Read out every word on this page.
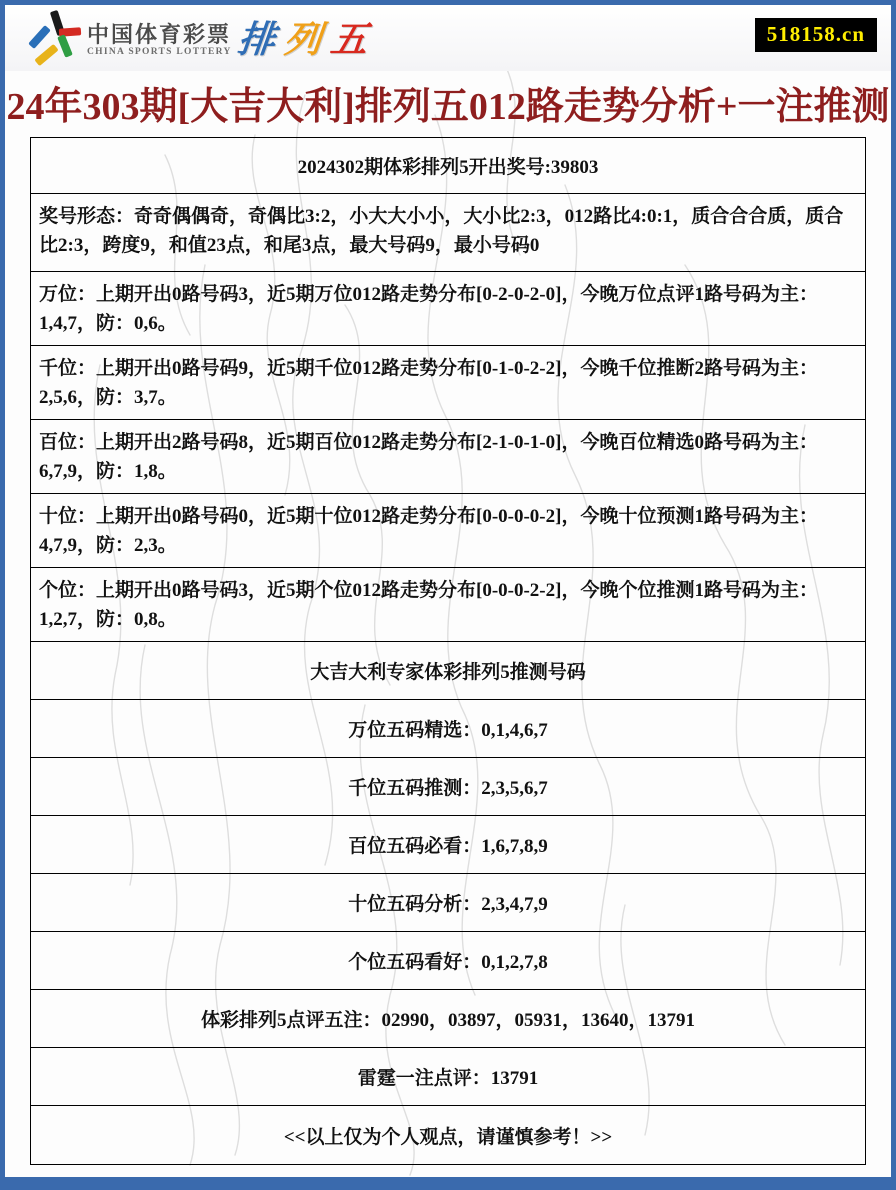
中国体育彩票
CHINA SPORTS LOTTERY 排 列 五	518158.cn
24年303期[大吉大利]排列五012路走势分析+一注推测
2024302期体彩排列5开出奖号:39803
奖号形态：奇奇偶偶奇，奇偶比3:2，小大大小小，大小比2:3，012路比4:0:1，质合合合质，质合比2:3，跨度9，和值23点，和尾3点，最大号码9，最小号码0
万位：上期开出0路号码3，近5期万位012路走势分布[0-2-0-2-0]，今晚万位点评1路号码为主：1,4,7，防：0,6。
千位：上期开出0路号码9，近5期千位012路走势分布[0-1-0-2-2]，今晚千位推断2路号码为主：2,5,6，防：3,7。
百位：上期开出2路号码8，近5期百位012路走势分布[2-1-0-1-0]，今晚百位精选0路号码为主：6,7,9，防：1,8。
十位：上期开出0路号码0，近5期十位012路走势分布[0-0-0-0-2]，今晚十位预测1路号码为主：4,7,9，防：2,3。
个位：上期开出0路号码3，近5期个位012路走势分布[0-0-0-2-2]，今晚个位推测1路号码为主：1,2,7，防：0,8。
大吉大利专家体彩排列5推测号码
万位五码精选：0,1,4,6,7
千位五码推测：2,3,5,6,7
百位五码必看：1,6,7,8,9
十位五码分析：2,3,4,7,9
个位五码看好：0,1,2,7,8
体彩排列5点评五注：02990，03897，05931，13640，13791
雷霆一注点评：13791
<<以上仅为个人观点，请谨慎参考！>>
